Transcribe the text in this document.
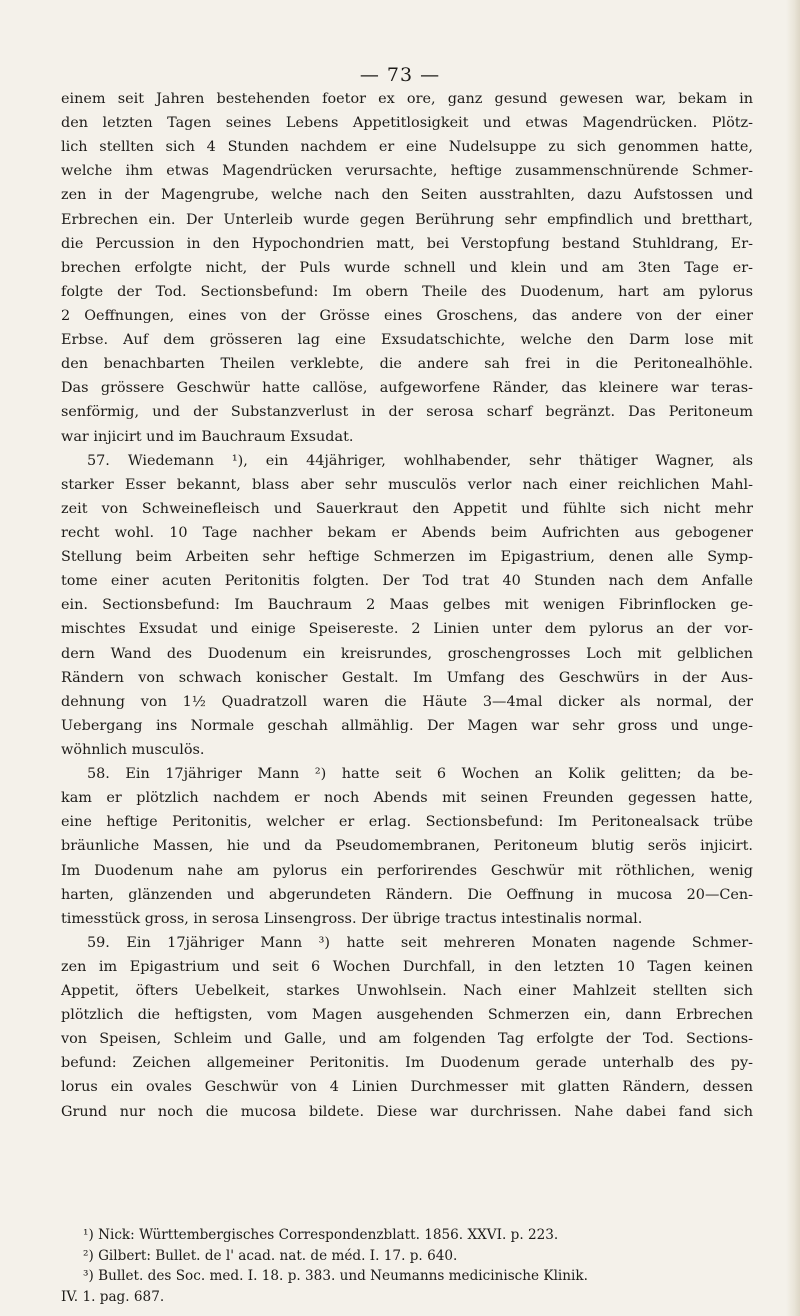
— 73 —
einem seit Jahren bestehenden foetor ex ore, ganz gesund gewesen war, bekam in
den letzten Tagen seines Lebens Appetitlosigkeit und etwas Magendrücken. Plötz-
lich stellten sich 4 Stunden nachdem er eine Nudelsuppe zu sich genommen hatte,
welche ihm etwas Magendrücken verursachte, heftige zusammenschnürende Schmer-
zen in der Magengrube, welche nach den Seiten ausstrahlten, dazu Aufstossen und
Erbrechen ein. Der Unterleib wurde gegen Berührung sehr empfindlich und bretthart,
die Percussion in den Hypochondrien matt, bei Verstopfung bestand Stuhldrang, Er-
brechen erfolgte nicht, der Puls wurde schnell und klein und am 3ten Tage er-
folgte der Tod. Sectionsbefund: Im obern Theile des Duodenum, hart am pylorus
2 Oeffnungen, eines von der Grösse eines Groschens, das andere von der einer
Erbse. Auf dem grösseren lag eine Exsudatschichte, welche den Darm lose mit
den benachbarten Theilen verklebte, die andere sah frei in die Peritonealhöhle.
Das grössere Geschwür hatte callöse, aufgeworfene Ränder, das kleinere war teras-
senförmig, und der Substanzverlust in der serosa scharf begränzt. Das Peritoneum
war injicirt und im Bauchraum Exsudat.
57. Wiedemann ¹), ein 44jähriger, wohlhabender, sehr thätiger Wagner, als
starker Esser bekannt, blass aber sehr musculös verlor nach einer reichlichen Mahl-
zeit von Schweinefleisch und Sauerkraut den Appetit und fühlte sich nicht mehr
recht wohl. 10 Tage nachher bekam er Abends beim Aufrichten aus gebogener
Stellung beim Arbeiten sehr heftige Schmerzen im Epigastrium, denen alle Symp-
tome einer acuten Peritonitis folgten. Der Tod trat 40 Stunden nach dem Anfalle
ein. Sectionsbefund: Im Bauchraum 2 Maas gelbes mit wenigen Fibrinflocken ge-
mischtes Exsudat und einige Speisereste. 2 Linien unter dem pylorus an der vor-
dern Wand des Duodenum ein kreisrundes, groschengrosses Loch mit gelblichen
Rändern von schwach konischer Gestalt. Im Umfang des Geschwürs in der Aus-
dehnung von 1½ Quadratzoll waren die Häute 3—4mal dicker als normal, der
Uebergang ins Normale geschah allmählig. Der Magen war sehr gross und unge-
wöhnlich musculös.
58. Ein 17jähriger Mann ²) hatte seit 6 Wochen an Kolik gelitten; da be-
kam er plötzlich nachdem er noch Abends mit seinen Freunden gegessen hatte,
eine heftige Peritonitis, welcher er erlag. Sectionsbefund: Im Peritonealsack trübe
bräunliche Massen, hie und da Pseudomembranen, Peritoneum blutig serös injicirt.
Im Duodenum nahe am pylorus ein perforirendes Geschwür mit röthlichen, wenig
harten, glänzenden und abgerundeten Rändern. Die Oeffnung in mucosa 20—Cen-
timesstück gross, in serosa Linsengross. Der übrige tractus intestinalis normal.
59. Ein 17jähriger Mann ³) hatte seit mehreren Monaten nagende Schmer-
zen im Epigastrium und seit 6 Wochen Durchfall, in den letzten 10 Tagen keinen
Appetit, öfters Uebelkeit, starkes Unwohlsein. Nach einer Mahlzeit stellten sich
plötzlich die heftigsten, vom Magen ausgehenden Schmerzen ein, dann Erbrechen
von Speisen, Schleim und Galle, und am folgenden Tag erfolgte der Tod. Sections-
befund: Zeichen allgemeiner Peritonitis. Im Duodenum gerade unterhalb des py-
lorus ein ovales Geschwür von 4 Linien Durchmesser mit glatten Rändern, dessen
Grund nur noch die mucosa bildete. Diese war durchrissen. Nahe dabei fand sich
¹) Nick: Württembergisches Correspondenzblatt. 1856. XXVI. p. 223.
²) Gilbert: Bullet. de l' acad. nat. de méd. I. 17. p. 640.
³) Bullet. des Soc. med. I. 18. p. 383. und Neumanns medicinische Klinik.
IV. 1. pag. 687.
